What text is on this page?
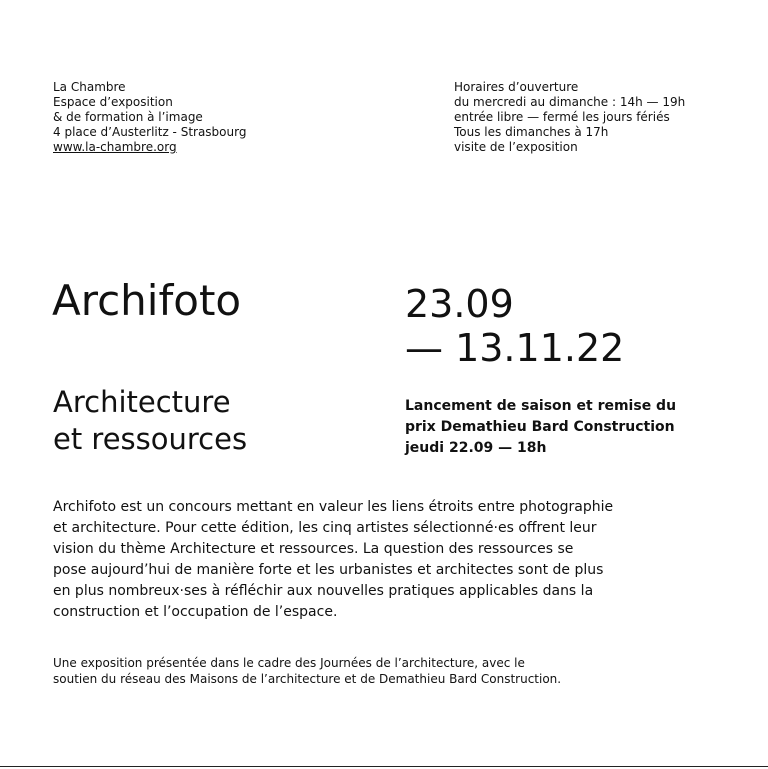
La Chambre
Espace d’exposition
& de formation à l’image
4 place d’Austerlitz - Strasbourg
www.la-chambre.org
Horaires d’ouverture
du mercredi au dimanche : 14h — 19h
entrée libre — fermé les jours fériés
Tous les dimanches à 17h
visite de l’exposition
Archifoto	23.09
— 13.11.22
Architecture
et ressources
Lancement de saison et remise du
prix Demathieu Bard Construction
jeudi 22.09 — 18h
Archifoto est un concours mettant en valeur les liens étroits entre photographie
et architecture. Pour cette édition, les cinq artistes sélectionné·es offrent leur
vision du thème Architecture et ressources. La question des ressources se
pose aujourd’hui de manière forte et les urbanistes et architectes sont de plus
en plus nombreux·ses à réfléchir aux nouvelles pratiques applicables dans la
construction et l’occupation de l’espace.
Une exposition présentée dans le cadre des Journées de l’architecture, avec le
soutien du réseau des Maisons de l’architecture et de Demathieu Bard Construction.
